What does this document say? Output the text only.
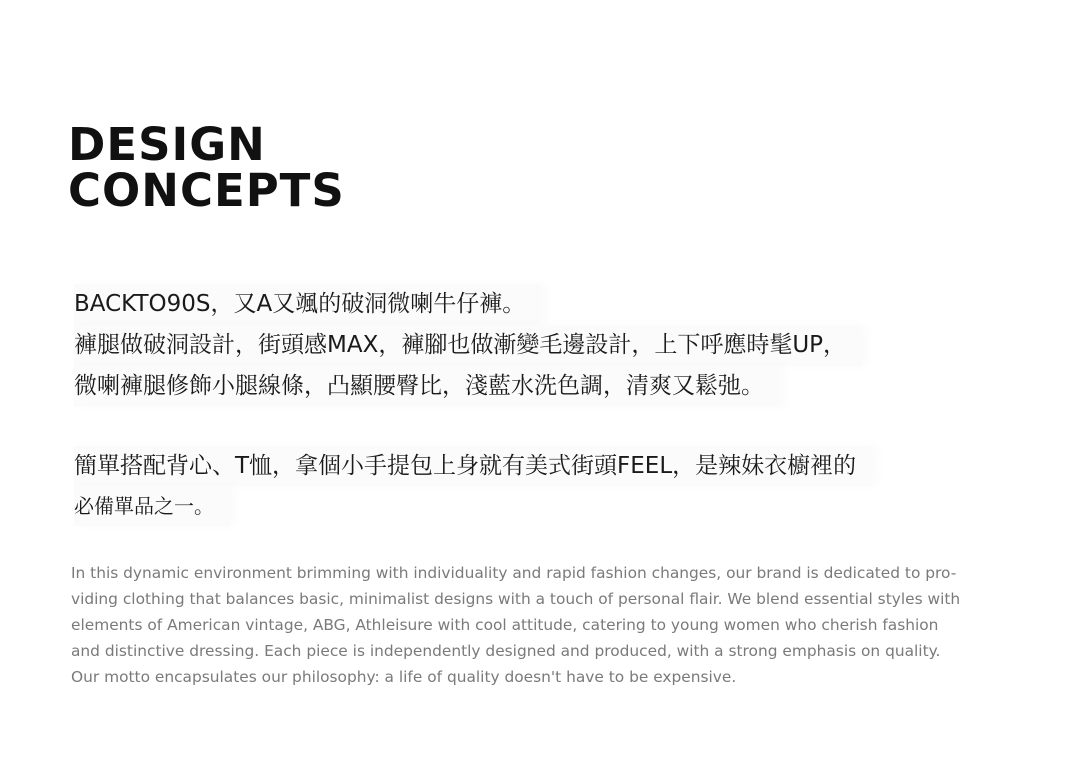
DESIGN
CONCEPTS
BACKTO90S，又A又颯的破洞微喇牛仔褲。
褲腿做破洞設計，街頭感MAX，褲腳也做漸變毛邊設計，上下呼應時髦UP，
微喇褲腿修飾小腿線條，凸顯腰臀比，淺藍水洗色調，清爽又鬆弛。
簡單搭配背心、T恤，拿個小手提包上身就有美式街頭FEEL，是辣妹衣櫥裡的
必備單品之一。

In this dynamic environment brimming with individuality and rapid fashion changes, our brand is dedicated to pro-
viding clothing that balances basic, minimalist designs with a touch of personal flair. We blend essential styles with
elements of American vintage, ABG, Athleisure with cool attitude, catering to young women who cherish fashion
and distinctive dressing. Each piece is independently designed and produced, with a strong emphasis on quality.
Our motto encapsulates our philosophy: a life of quality doesn't have to be expensive.
